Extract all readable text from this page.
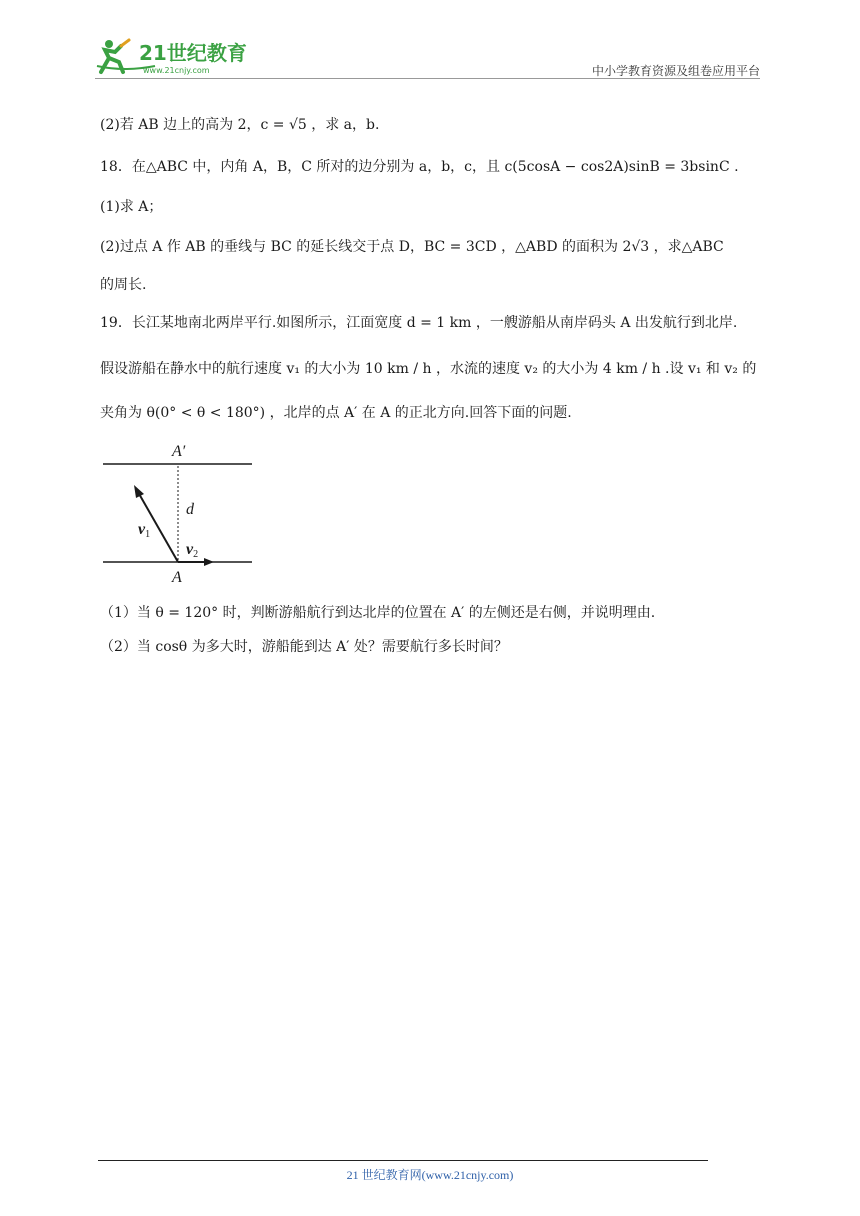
21世纪教育
www.21cnjy.com	中小学教育资源及组卷应用平台
(2)若 AB 边上的高为 2，c = √5 ，求 a，b.
18．在△ABC 中，内角 A，B，C 所对的边分别为 a，b，c，且 c(5cosA − cos2A)sinB = 3bsinC .
(1)求 A；
(2)过点 A 作 AB 的垂线与 BC 的延长线交于点 D，BC = 3CD ，△ABD 的面积为 2√3 ，求△ABC
的周长.
19．长江某地南北两岸平行.如图所示，江面宽度 d = 1 km ，一艘游船从南岸码头 A 出发航行到北岸.
假设游船在静水中的航行速度 v₁ 的大小为 10 km / h ，水流的速度 v₂ 的大小为 4 km / h .设 v₁ 和 v₂ 的
夹角为 θ(0° < θ < 180°) ，北岸的点 A′ 在 A 的正北方向.回答下面的问题.
（1）当 θ = 120° 时，判断游船航行到达北岸的位置在 A′ 的左侧还是右侧，并说明理由.
（2）当 cosθ 为多大时，游船能到达 A′ 处？需要航行多长时间？
A′
d
v1
v2
A
21 世纪教育网(www.21cnjy.com)
